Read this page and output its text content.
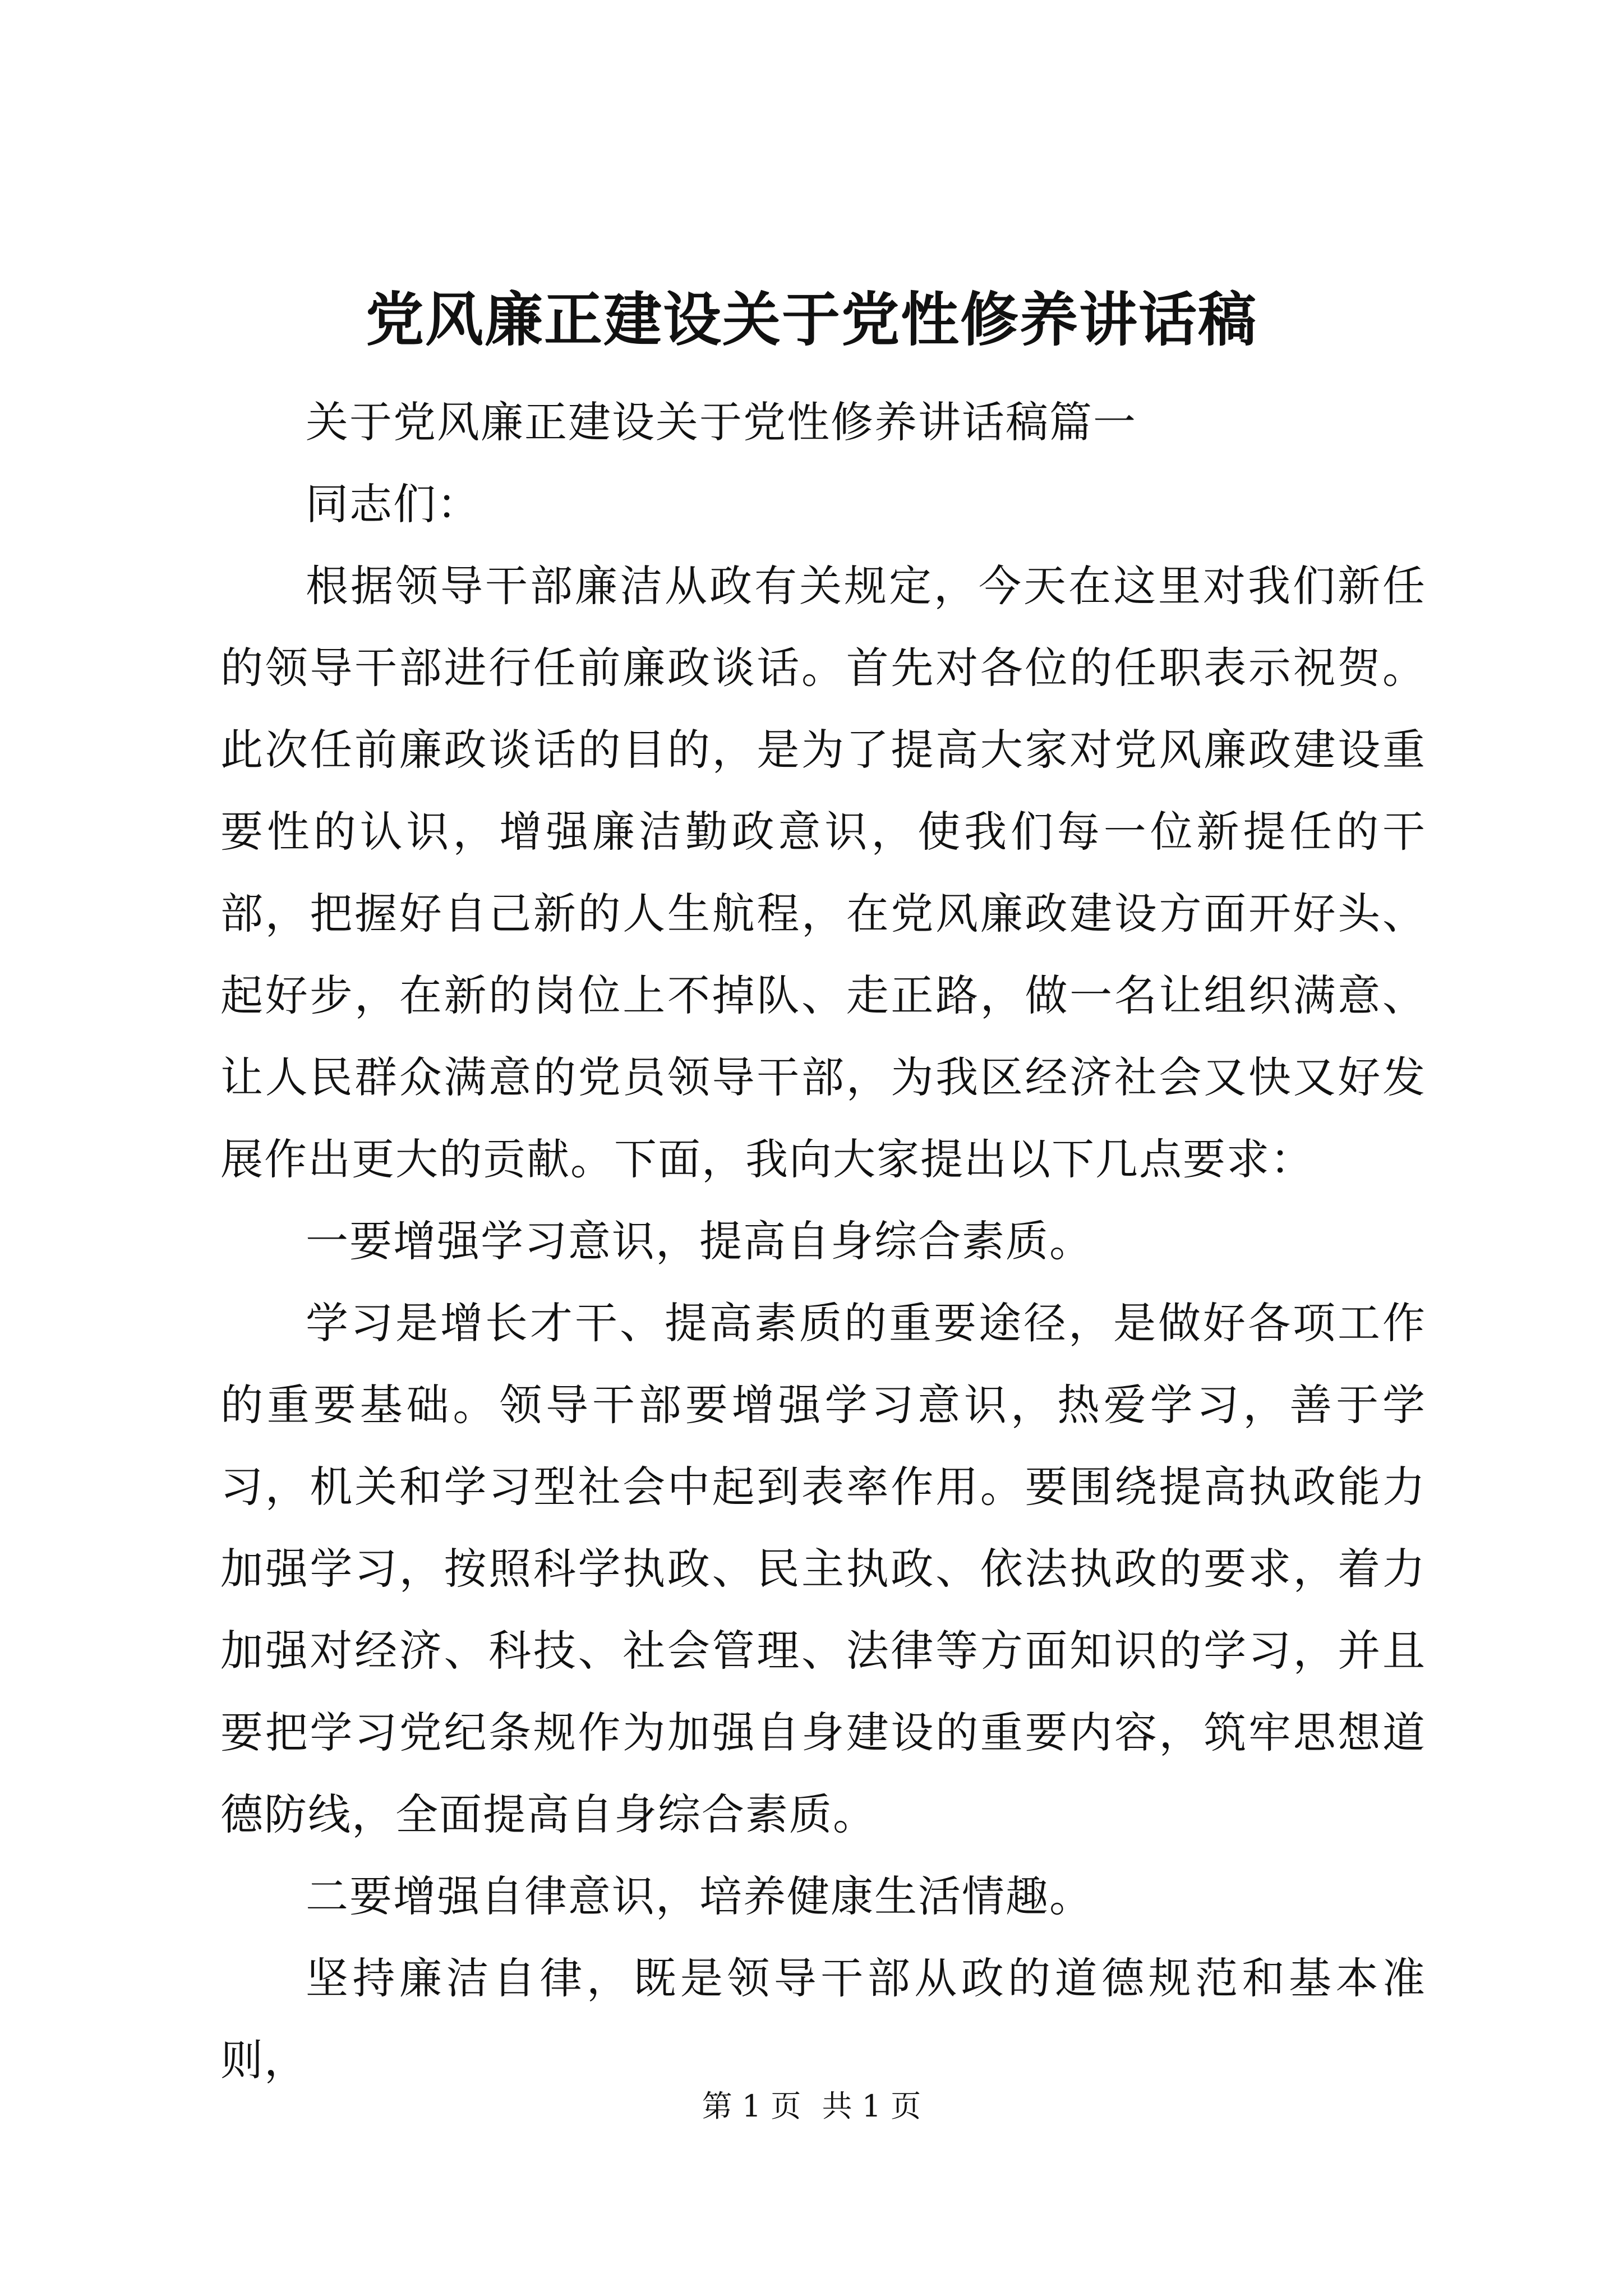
党风廉正建设关于党性修养讲话稿

关于党风廉正建设关于党性修养讲话稿篇一

同志们：

根据领导干部廉洁从政有关规定，今天在这里对我们新任的领导干部进行任前廉政谈话。首先对各位的任职表示祝贺。此次任前廉政谈话的目的，是为了提高大家对党风廉政建设重要性的认识，增强廉洁勤政意识，使我们每一位新提任的干部，把握好自己新的人生航程，在党风廉政建设方面开好头、起好步，在新的岗位上不掉队、走正路，做一名让组织满意、让人民群众满意的党员领导干部，为我区经济社会又快又好发展作出更大的贡献。下面，我向大家提出以下几点要求：

一要增强学习意识，提高自身综合素质。

学习是增长才干、提高素质的重要途径，是做好各项工作的重要基础。领导干部要增强学习意识，热爱学习，善于学习，机关和学习型社会中起到表率作用。要围绕提高执政能力加强学习，按照科学执政、民主执政、依法执政的要求，着力加强对经济、科技、社会管理、法律等方面知识的学习，并且要把学习党纪条规作为加强自身建设的重要内容，筑牢思想道德防线，全面提高自身综合素质。

二要增强自律意识，培养健康生活情趣。

坚持廉洁自律，既是领导干部从政的道德规范和基本准则，

第 1 页 共 1 页
